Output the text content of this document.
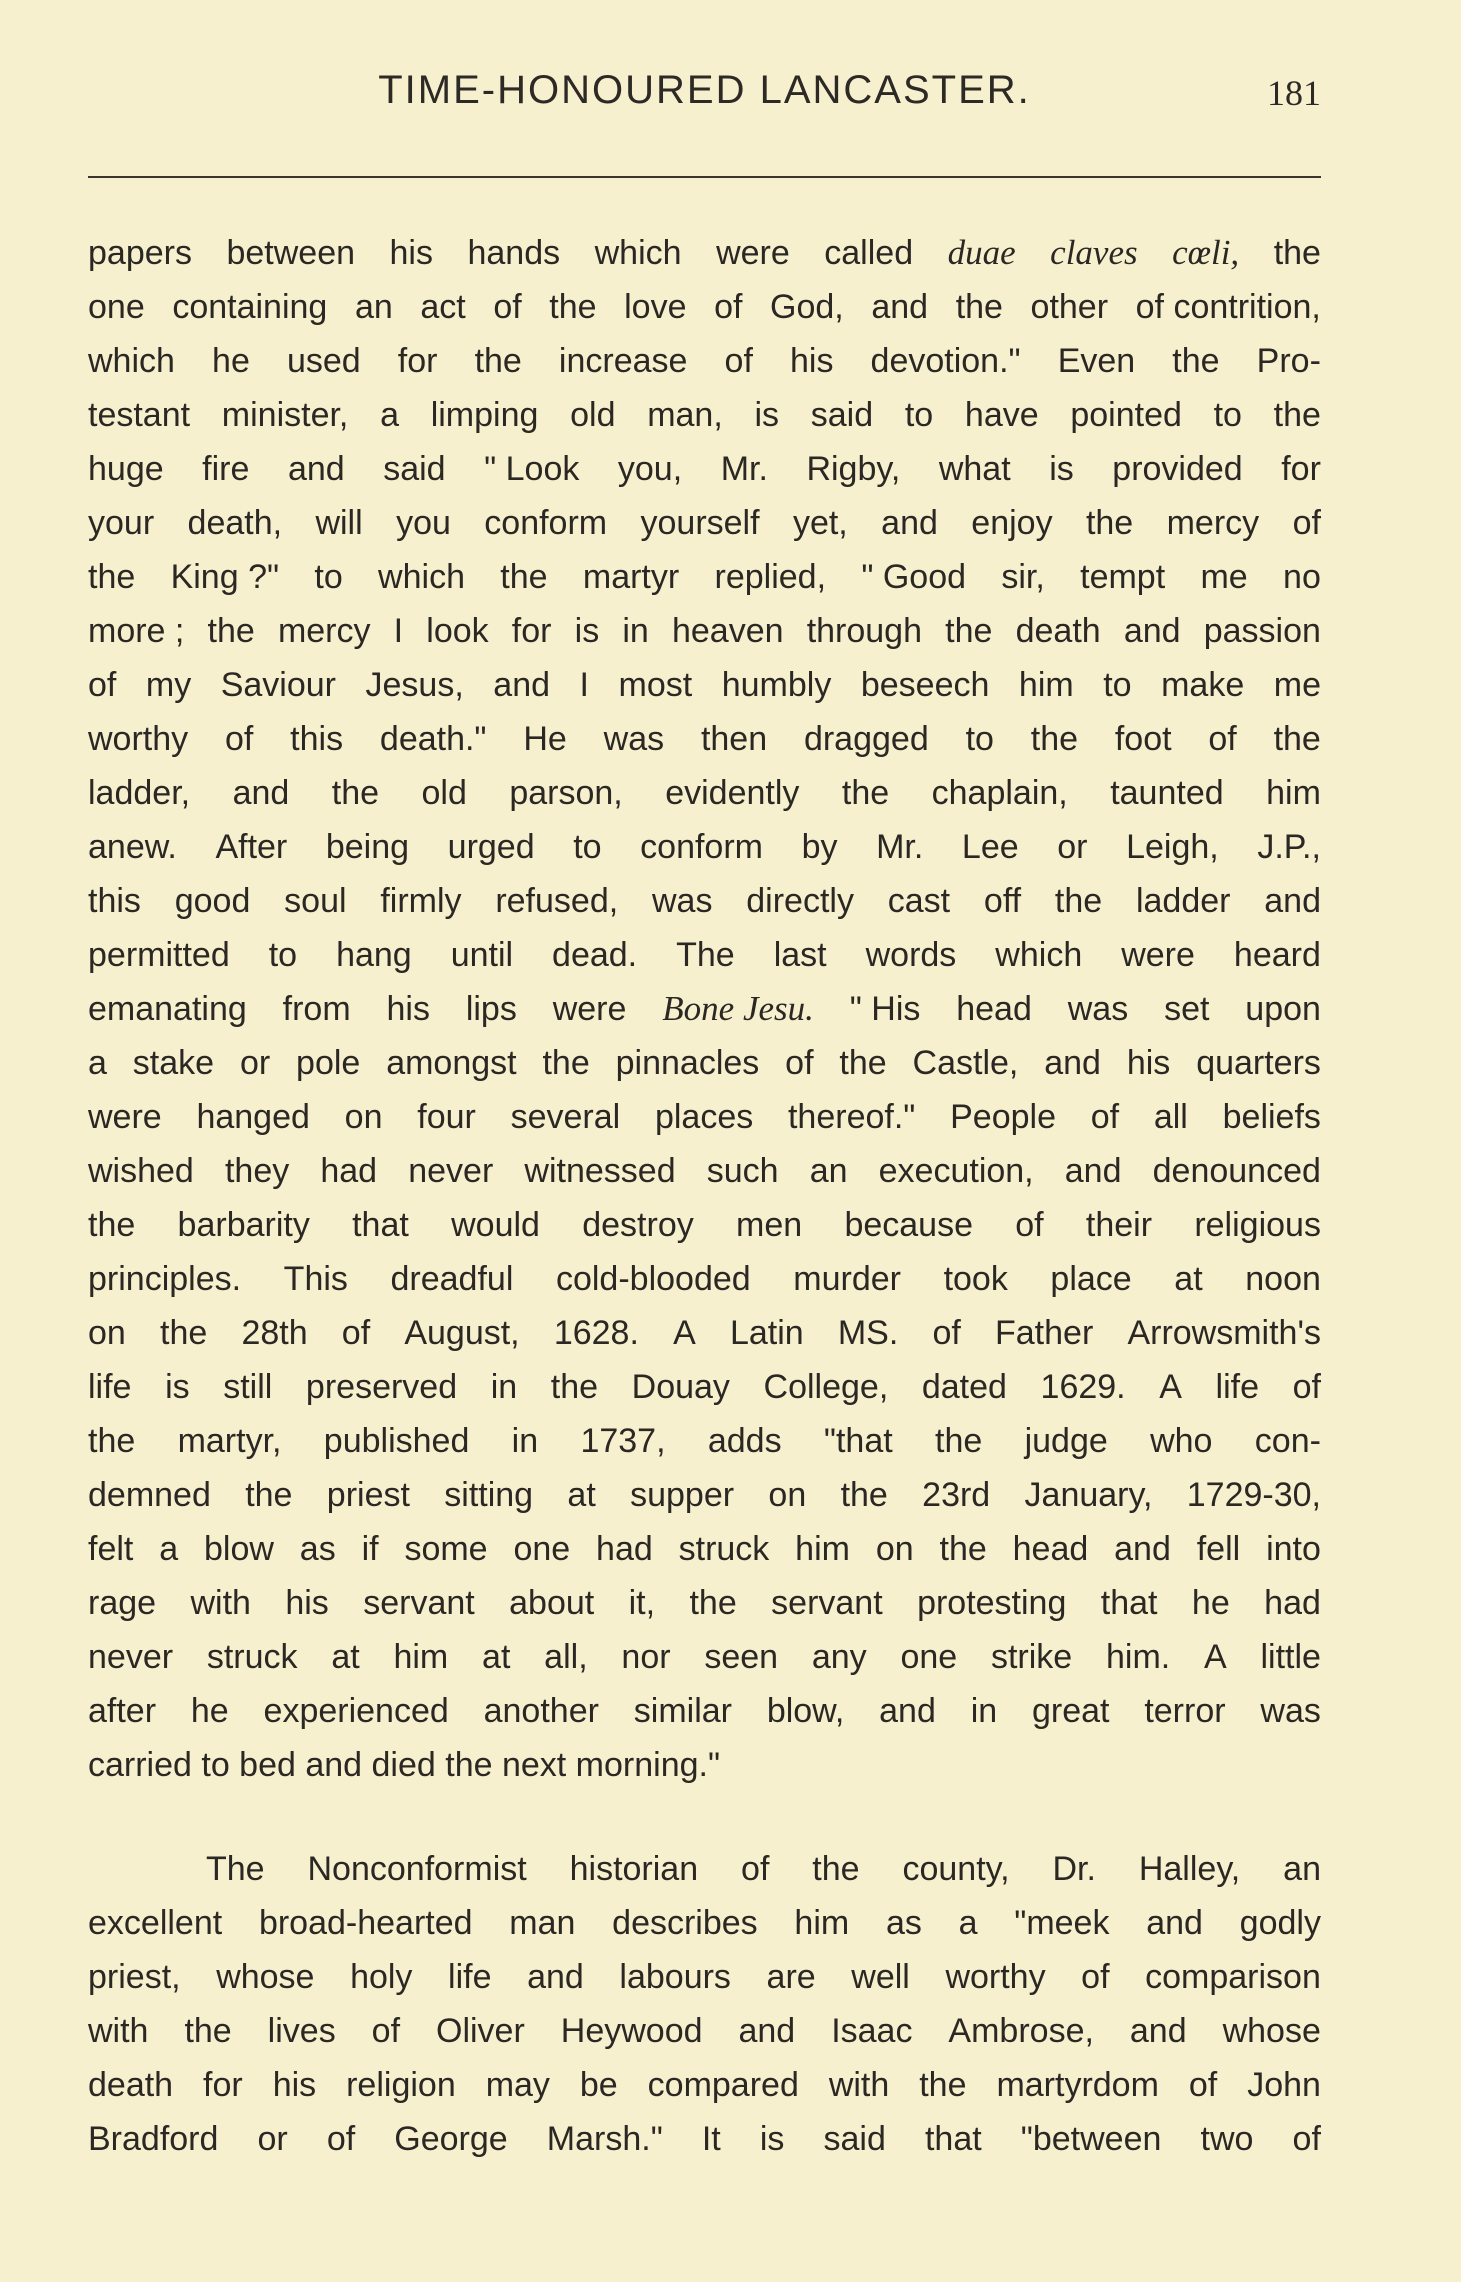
TIME-HONOURED LANCASTER.	181
papers between his hands which were called duae claves cœli, the
one containing an act of the love of God, and the other of contrition,
which he used for the increase of his devotion." Even the Pro-
testant minister, a limping old man, is said to have pointed to the
huge fire and said " Look you, Mr. Rigby, what is provided for
your death, will you conform yourself yet, and enjoy the mercy of
the King ?" to which the martyr replied, " Good sir, tempt me no
more ; the mercy I look for is in heaven through the death and passion
of my Saviour Jesus, and I most humbly beseech him to make me
worthy of this death." He was then dragged to the foot of the
ladder, and the old parson, evidently the chaplain, taunted him
anew. After being urged to conform by Mr. Lee or Leigh, J.P.,
this good soul firmly refused, was directly cast off the ladder and
permitted to hang until dead. The last words which were heard
emanating from his lips were Bone Jesu. " His head was set upon
a stake or pole amongst the pinnacles of the Castle, and his quarters
were hanged on four several places thereof." People of all beliefs
wished they had never witnessed such an execution, and denounced
the barbarity that would destroy men because of their religious
principles. This dreadful cold-blooded murder took place at noon
on the 28th of August, 1628. A Latin MS. of Father Arrowsmith's
life is still preserved in the Douay College, dated 1629. A life of
the martyr, published in 1737, adds "that the judge who con-
demned the priest sitting at supper on the 23rd January, 1729-30,
felt a blow as if some one had struck him on the head and fell into
rage with his servant about it, the servant protesting that he had
never struck at him at all, nor seen any one strike him. A little
after he experienced another similar blow, and in great terror was
carried to bed and died the next morning."
The Nonconformist historian of the county, Dr. Halley, an
excellent broad-hearted man describes him as a "meek and godly
priest, whose holy life and labours are well worthy of comparison
with the lives of Oliver Heywood and Isaac Ambrose, and whose
death for his religion may be compared with the martyrdom of John
Bradford or of George Marsh." It is said that "between two of
